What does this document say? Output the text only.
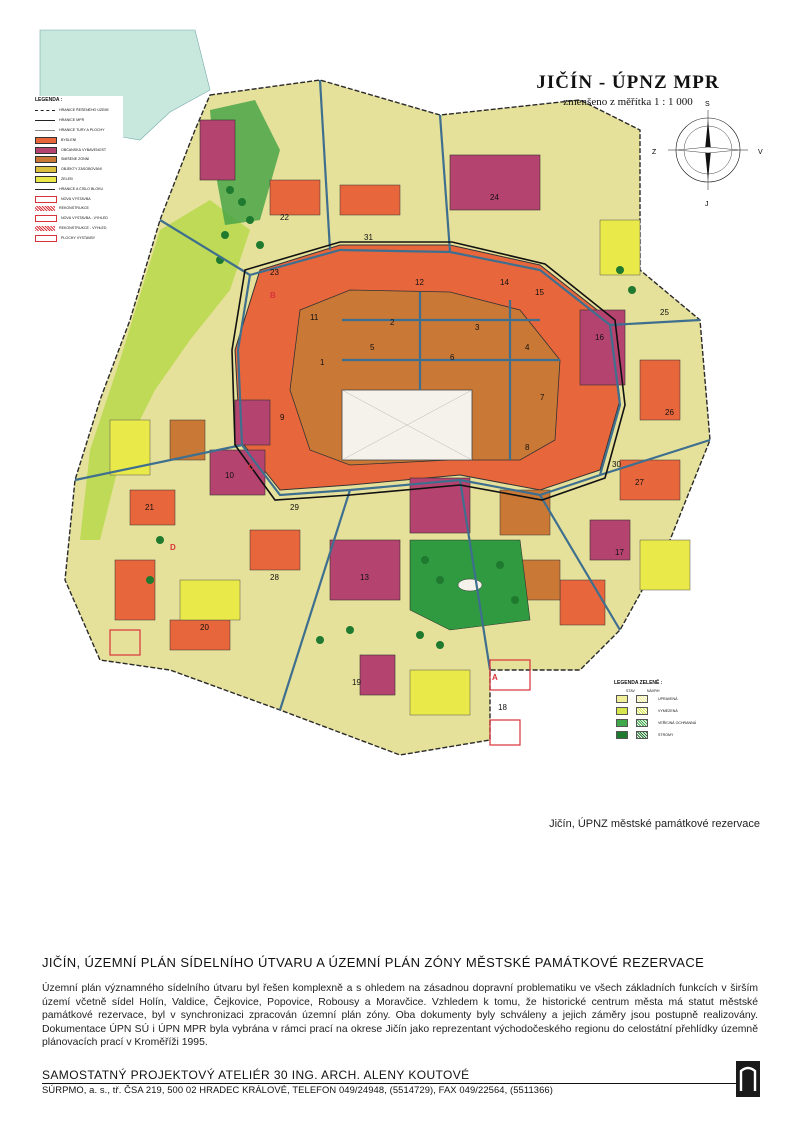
S
Z	V
J
1
2
3
4
5
6
7
8
9
10
11
12
13
14
15
16
17
18
19
20
21
22
23
24
25
26
27
28
29
30
31
A
B
C
D
JIČÍN - ÚPNZ MPR
zmenšeno z měřítka 1 : 1 000
LEGENDA :
HRANICE ŘEŠENÉHO ÚZEMÍ
HRANICE MPR
HRANICE TURY A PLOCHY
BYDLENÍ
OBČANSKÁ VYBAVENOST
SMÍŠENÉ ZÓNNÍ
OBJEKTY ZÁSOBOVÁNÍ
ZELEŇ
HRANICE A ČÍSLO BLOKU
NOVÁ VÝSTAVBA
REKONSTRUKCE
NOVÁ VÝSTAVBA - VÝHLED
REKONSTRUKCE - VÝHLED
PLOCHY VÝSTAVBY
LEGENDA ZELENĚ :
STAV	NÁVRH
UPRAVENÁ
VYMEZENÁ
VEŘEJNÁ OCHRANNÁ
STROMY
Jičín, ÚPNZ městské památkové rezervace
JIČÍN, ÚZEMNÍ PLÁN SÍDELNÍHO ÚTVARU A ÚZEMNÍ PLÁN ZÓNY MĚSTSKÉ PAMÁTKOVÉ REZERVACE
Územní plán významného sídelního útvaru byl řešen komplexně a s ohledem na zásadnou dopravní problematiku ve všech základních funkcích v širším území včetně sídel Holín, Valdice, Čejkovice, Popovice, Robousy a Moravčice. Vzhledem k tomu, že historické centrum města má statut městské památkové rezervace, byl v synchronizaci zpracován územní plán zóny. Oba dokumenty byly schváleny a jejich záměry jsou postupně realizovány. Dokumentace ÚPN SÚ i ÚPN MPR byla vybrána v rámci prací na okrese Jičín jako reprezentant východočeského regionu do celostátní přehlídky územně plánovacích prací v Kroměříži 1995.
SAMOSTATNÝ PROJEKTOVÝ ATELIÉR 30 ING. ARCH. ALENY KOUTOVÉ
SÚRPMO, a. s., tř. ČSA 219, 500 02 HRADEC KRÁLOVÉ, TELEFON 049/24948, (5514729), FAX 049/22564, (5511366)
